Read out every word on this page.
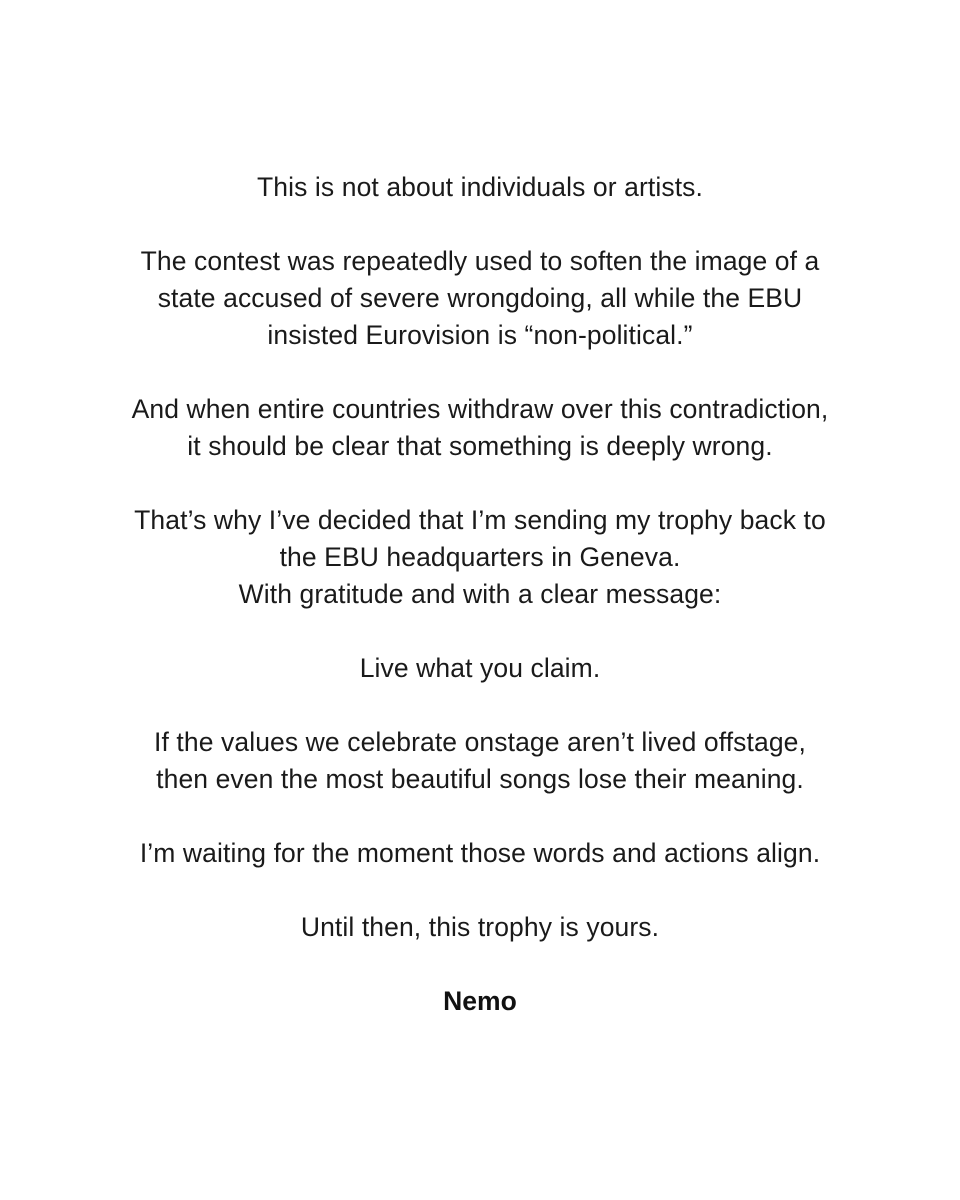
This is not about individuals or artists.

The contest was repeatedly used to soften the image of a
state accused of severe wrongdoing, all while the EBU
insisted Eurovision is “non-political.”

And when entire countries withdraw over this contradiction,
it should be clear that something is deeply wrong.

That’s why I’ve decided that I’m sending my trophy back to
the EBU headquarters in Geneva.
With gratitude and with a clear message:

Live what you claim.

If the values we celebrate onstage aren’t lived offstage,
then even the most beautiful songs lose their meaning.

I’m waiting for the moment those words and actions align.

Until then, this trophy is yours.

Nemo
